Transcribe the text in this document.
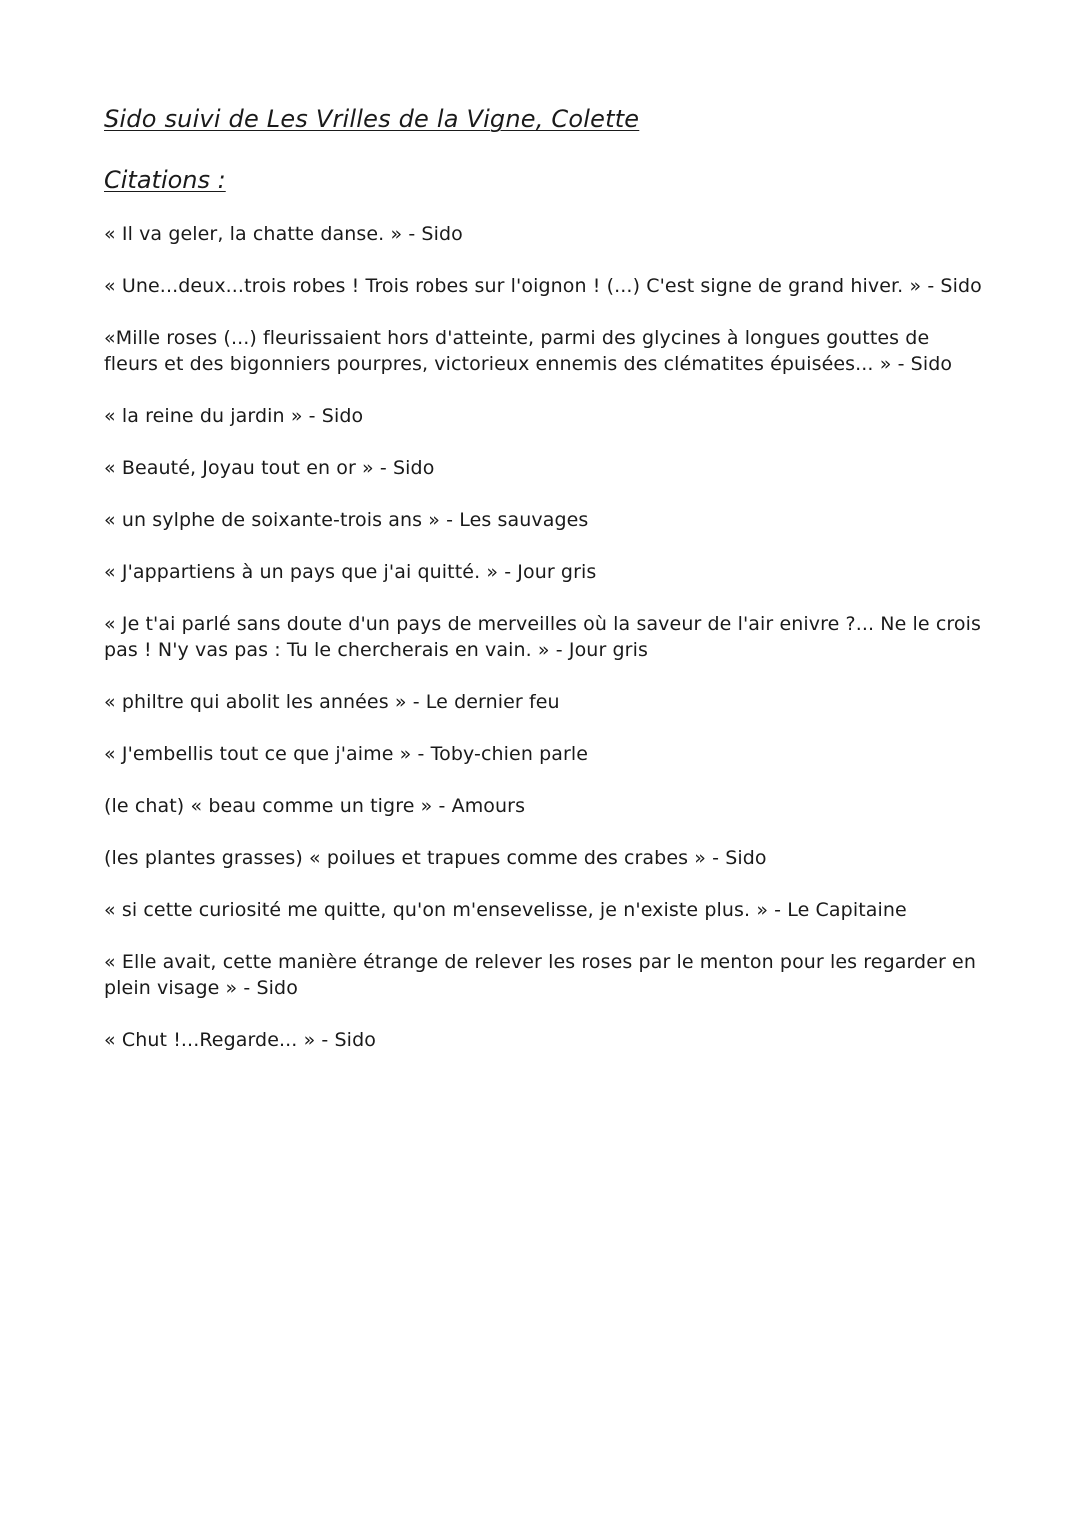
Sido suivi de Les Vrilles de la Vigne, Colette
Citations :
« Il va geler, la chatte danse. » - Sido
« Une...deux...trois robes ! Trois robes sur l'oignon ! (...) C'est signe de grand hiver. » - Sido
«Mille roses (...) fleurissaient hors d'atteinte, parmi des glycines à longues gouttes de fleurs et des bigonniers pourpres, victorieux ennemis des clématites épuisées... » - Sido
« la reine du jardin » - Sido
« Beauté, Joyau tout en or » - Sido
« un sylphe de soixante-trois ans » - Les sauvages
« J'appartiens à un pays que j'ai quitté. » - Jour gris
« Je t'ai parlé sans doute d'un pays de merveilles où la saveur de l'air enivre ?... Ne le crois pas ! N'y vas pas : Tu le chercherais en vain. » - Jour gris
« philtre qui abolit les années » - Le dernier feu
« J'embellis tout ce que j'aime » - Toby-chien parle
(le chat) « beau comme un tigre » - Amours
(les plantes grasses) « poilues et trapues comme des crabes » - Sido
« si cette curiosité me quitte, qu'on m'ensevelisse, je n'existe plus. » - Le Capitaine
« Elle avait, cette manière étrange de relever les roses par le menton pour les regarder en plein visage » - Sido
« Chut !...Regarde... » - Sido
